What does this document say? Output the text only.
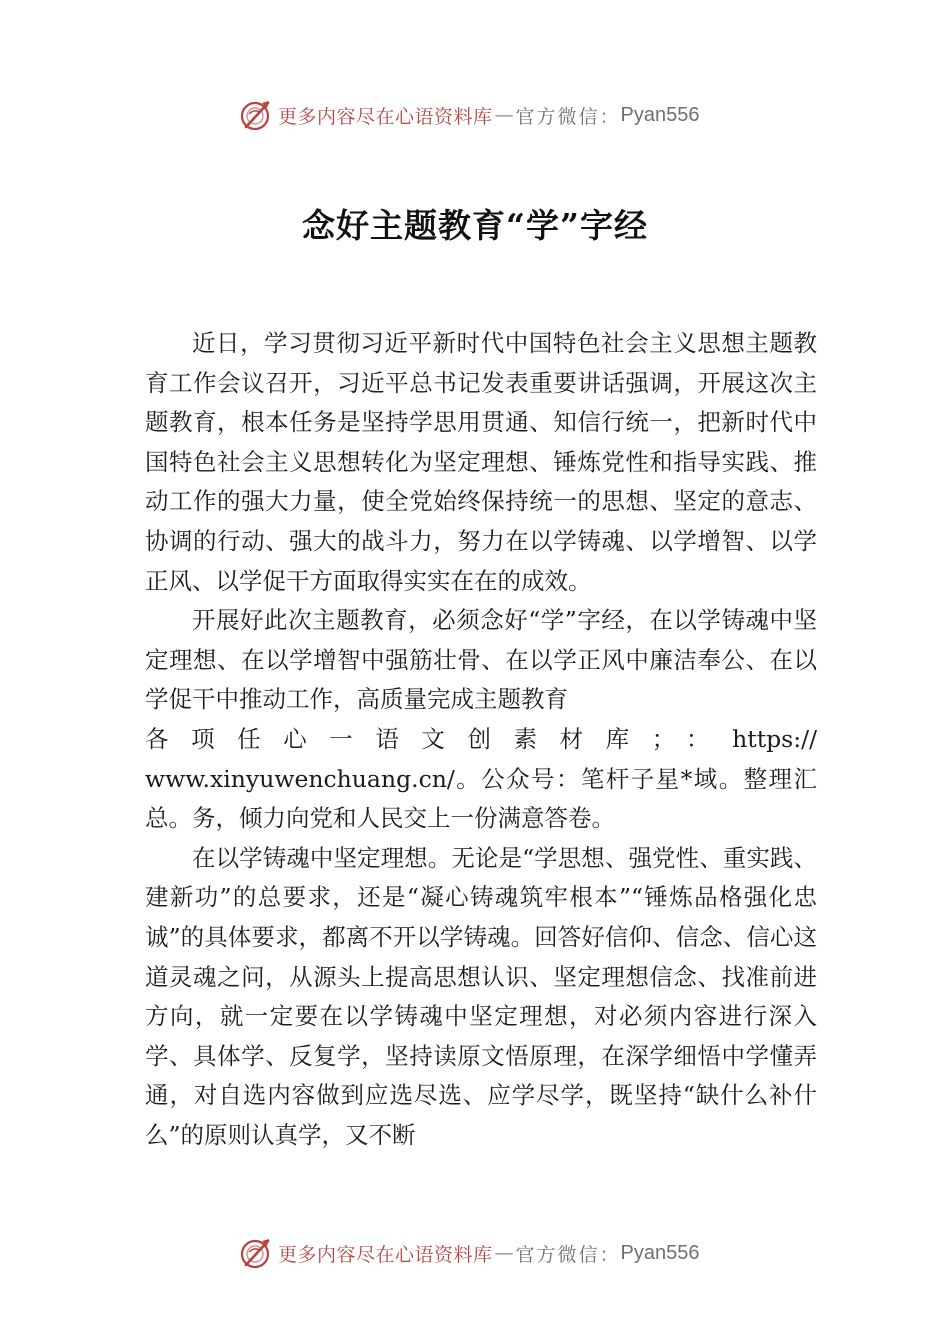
更多内容尽在心语资料库 — 官方微信： Pyan556
念好主题教育“学”字经

近日，学习贯彻习近平新时代中国特色社会主义思想主题教育工作会议召开，习近平总书记发表重要讲话强调，开展这次主题教育，根本任务是坚持学思用贯通、知信行统一，把新时代中国特色社会主义思想转化为坚定理想、锤炼党性和指导实践、推动工作的强大力量，使全党始终保持统一的思想、坚定的意志、协调的行动、强大的战斗力，努力在以学铸魂、以学增智、以学正风、以学促干方面取得实实在在的成效。

开展好此次主题教育，必须念好“学”字经，在以学铸魂中坚定理想、在以学增智中强筋壮骨、在以学正风中廉洁奉公、在以学促干中推动工作，高质量完成主题教育
各项任心一语文创素材库；：https://
www.xinyuwenchuang.cn/。公众号：笔杆子星*域。整理汇总。务，倾力向党和人民交上一份满意答卷。

在以学铸魂中坚定理想。无论是“学思想、强党性、重实践、建新功”的总要求，还是“凝心铸魂筑牢根本”“锤炼品格强化忠诚”的具体要求，都离不开以学铸魂。回答好信仰、信念、信心这道灵魂之问，从源头上提高思想认识、坚定理想信念、找准前进方向，就一定要在以学铸魂中坚定理想，对必须内容进行深入学、具体学、反复学，坚持读原文悟原理，在深学细悟中学懂弄通，对自选内容做到应选尽选、应学尽学，既坚持“缺什么补什么”的原则认真学，又不断

更多内容尽在心语资料库 — 官方微信： Pyan556
